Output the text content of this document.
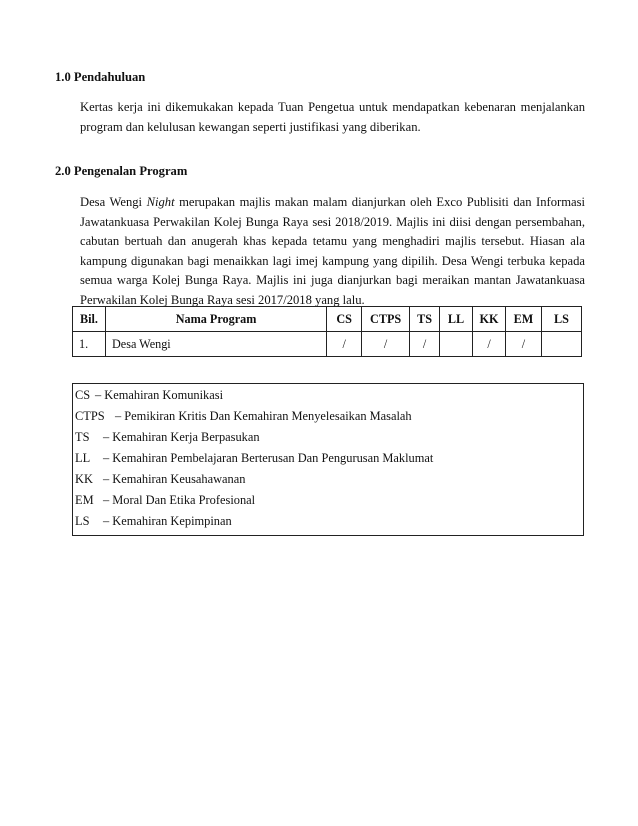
1.0 Pendahuluan
Kertas kerja ini dikemukakan kepada Tuan Pengetua untuk mendapatkan kebenaran menjalankan program dan kelulusan kewangan seperti justifikasi yang diberikan.
2.0 Pengenalan Program
Desa Wengi Night merupakan majlis makan malam dianjurkan oleh Exco Publisiti dan Informasi Jawatankuasa Perwakilan Kolej Bunga Raya sesi 2018/2019. Majlis ini diisi dengan persembahan, cabutan bertuah dan anugerah khas kepada tetamu yang menghadiri majlis tersebut. Hiasan ala kampung digunakan bagi menaikkan lagi imej kampung yang dipilih. Desa Wengi terbuka kepada semua warga Kolej Bunga Raya. Majlis ini juga dianjurkan bagi meraikan mantan Jawatankuasa Perwakilan Kolej Bunga Raya sesi 2017/2018 yang lalu.
Bil.	Nama Program	CS	CTPS	TS	LL	KK	EM	LS
1.	Desa Wengi	/	/	/		/	/	
CS – Kemahiran Komunikasi
CTPS – Pemikiran Kritis Dan Kemahiran Menyelesaikan Masalah
TS – Kemahiran Kerja Berpasukan
LL – Kemahiran Pembelajaran Berterusan Dan Pengurusan Maklumat
KK – Kemahiran Keusahawanan
EM – Moral Dan Etika Profesional
LS – Kemahiran Kepimpinan
